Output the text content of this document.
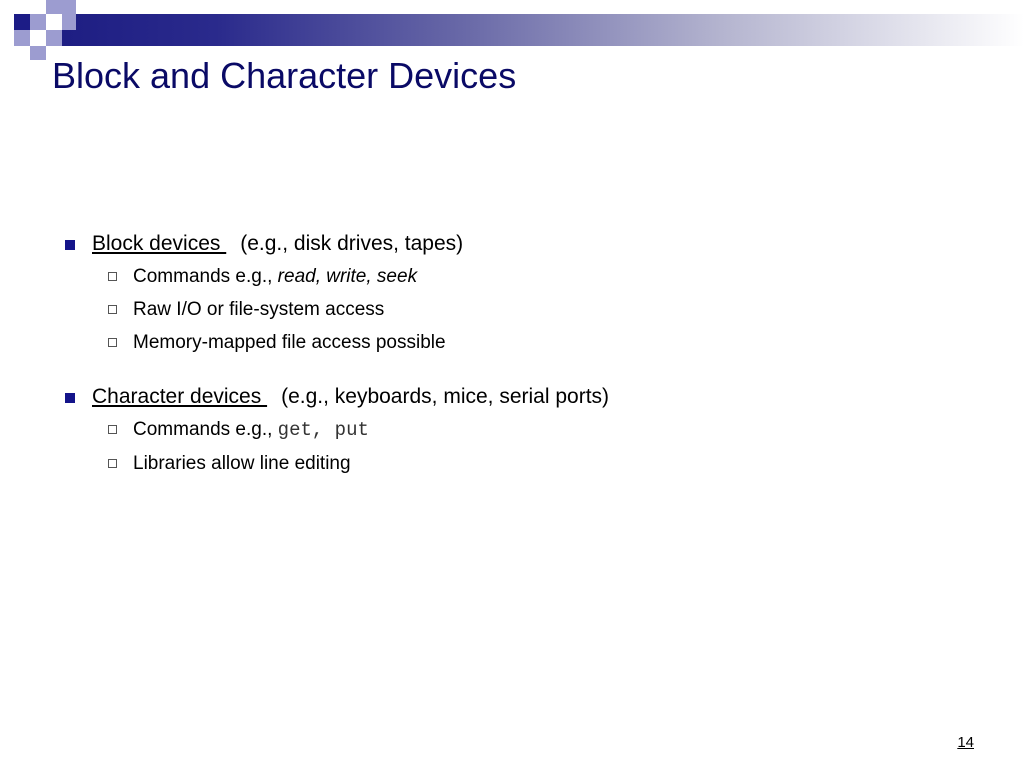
Block and Character Devices
Block devices (e.g., disk drives, tapes)
Commands e.g., read, write, seek
Raw I/O or file-system access
Memory-mapped file access possible
Character devices (e.g., keyboards, mice, serial ports)
Commands e.g., get, put
Libraries allow line editing
14
